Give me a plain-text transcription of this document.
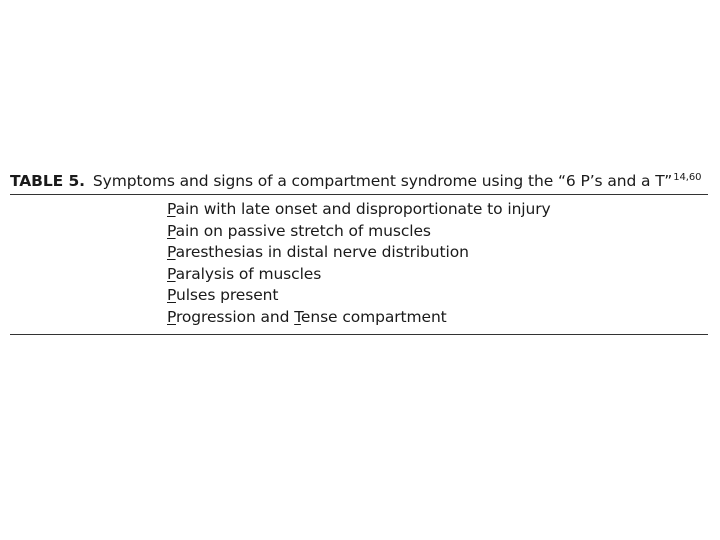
TABLE 5. Symptoms and signs of a compartment syndrome using the “6 P’s and a T”$^{14,60}$
Pain with late onset and disproportionate to injury
Pain on passive stretch of muscles
Paresthesias in distal nerve distribution
Paralysis of muscles
Pulses present
Progression and Tense compartment
